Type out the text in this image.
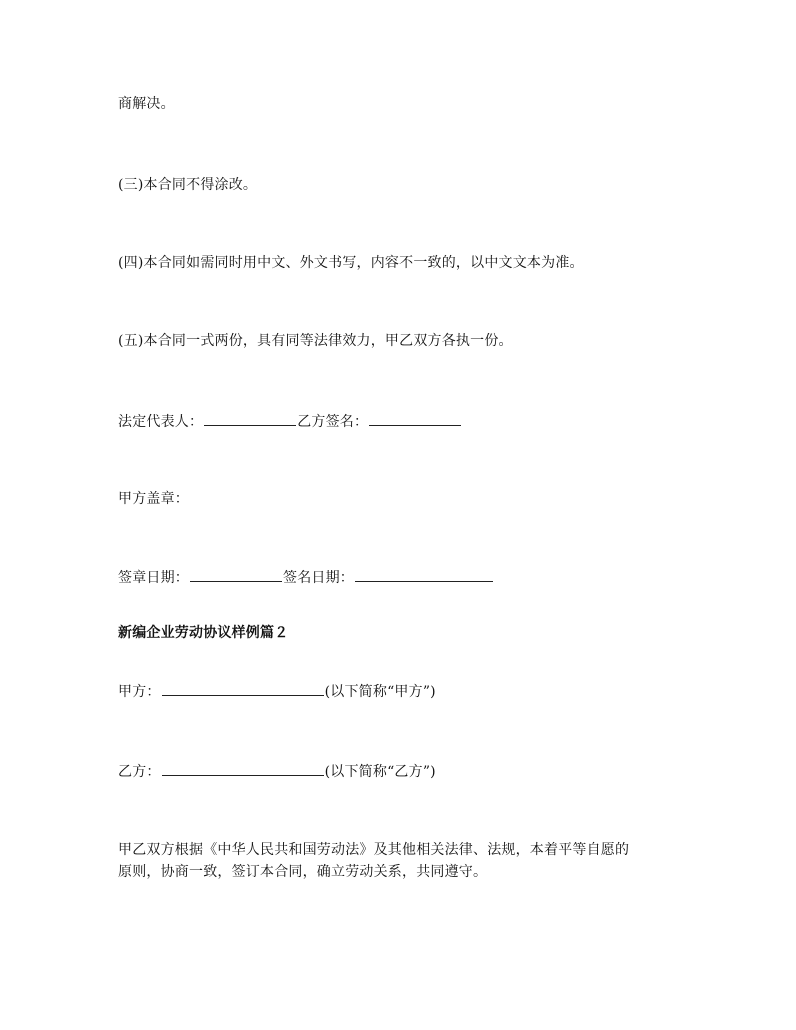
商解决。
(三)本合同不得涂改。
(四)本合同如需同时用中文、外文书写，内容不一致的，以中文文本为准。
(五)本合同一式两份，具有同等法律效力，甲乙双方各执一份。
法定代表人：	乙方签名：
甲方盖章：
签章日期：	签名日期：
新编企业劳动协议样例篇２
甲方：	(以下简称“甲方”)
乙方：	(以下简称“乙方”)
甲乙双方根据《中华人民共和国劳动法》及其他相关法律、法规，本着平等自愿的
原则，协商一致，签订本合同，确立劳动关系，共同遵守。
